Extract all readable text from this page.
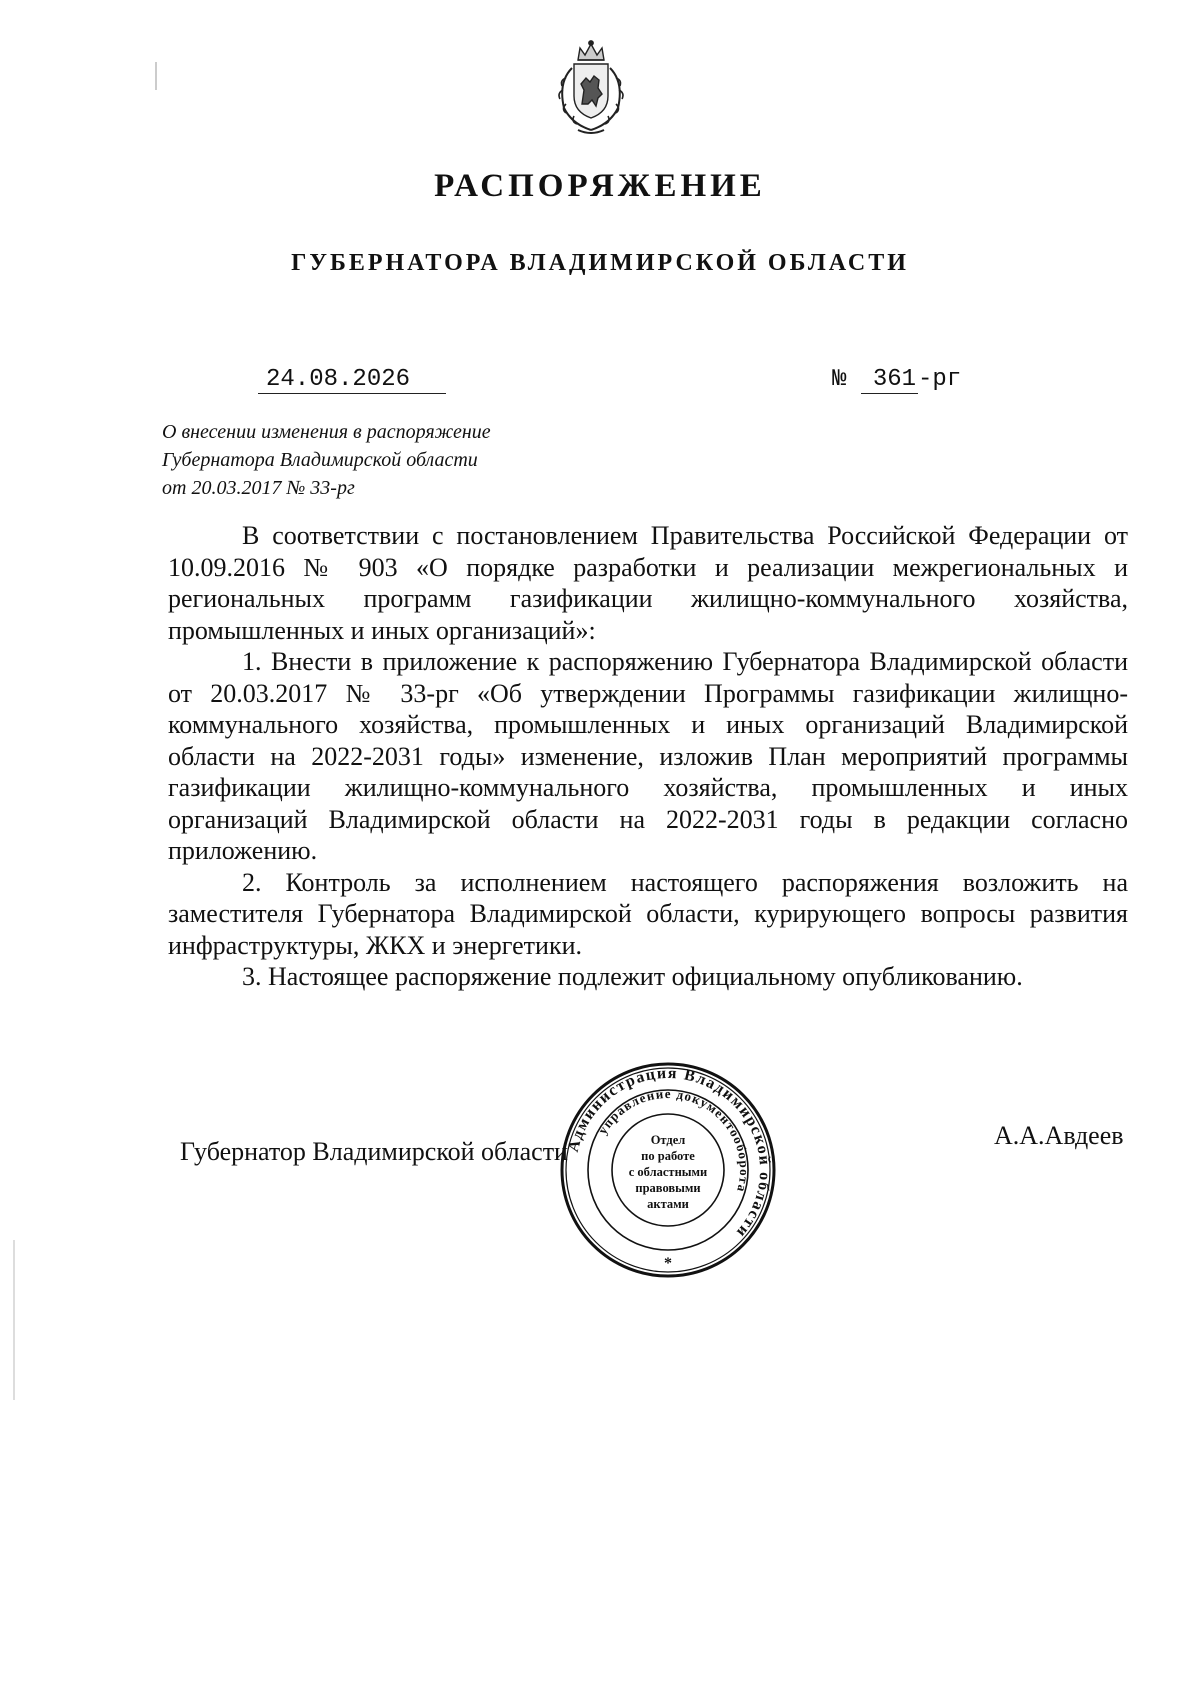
РАСПОРЯЖЕНИЕ
ГУБЕРНАТОРА ВЛАДИМИРСКОЙ ОБЛАСТИ
24.08.2026	№ 361-рг
О внесении изменения в распоряжение
Губернатора Владимирской области
от 20.03.2017 № 33-рг

В соответствии с постановлением Правительства Российской Федерации от 10.09.2016 № 903 «О порядке разработки и реализации межрегиональных и региональных программ газификации жилищно-коммунального хозяйства, промышленных и иных организаций»:

1. Внести в приложение к распоряжению Губернатора Владимирской области от 20.03.2017 № 33-рг «Об утверждении Программы газификации жилищно-коммунального хозяйства, промышленных и иных организаций Владимирской области на 2022-2031 годы» изменение, изложив План мероприятий программы газификации жилищно-коммунального хозяйства, промышленных и иных организаций Владимирской области на 2022-2031 годы в редакции согласно приложению.

2. Контроль за исполнением настоящего распоряжения возложить на заместителя Губернатора Владимирской области, курирующего вопросы развития инфраструктуры, ЖКХ и энергетики.

3. Настоящее распоряжение подлежит официальному опубликованию.

Губернатор Владимирской области
А.А.Авдеев
Администрация Владимирской области
управление документооборота
Отдел
по работе
с областными
правовыми
актами
*
